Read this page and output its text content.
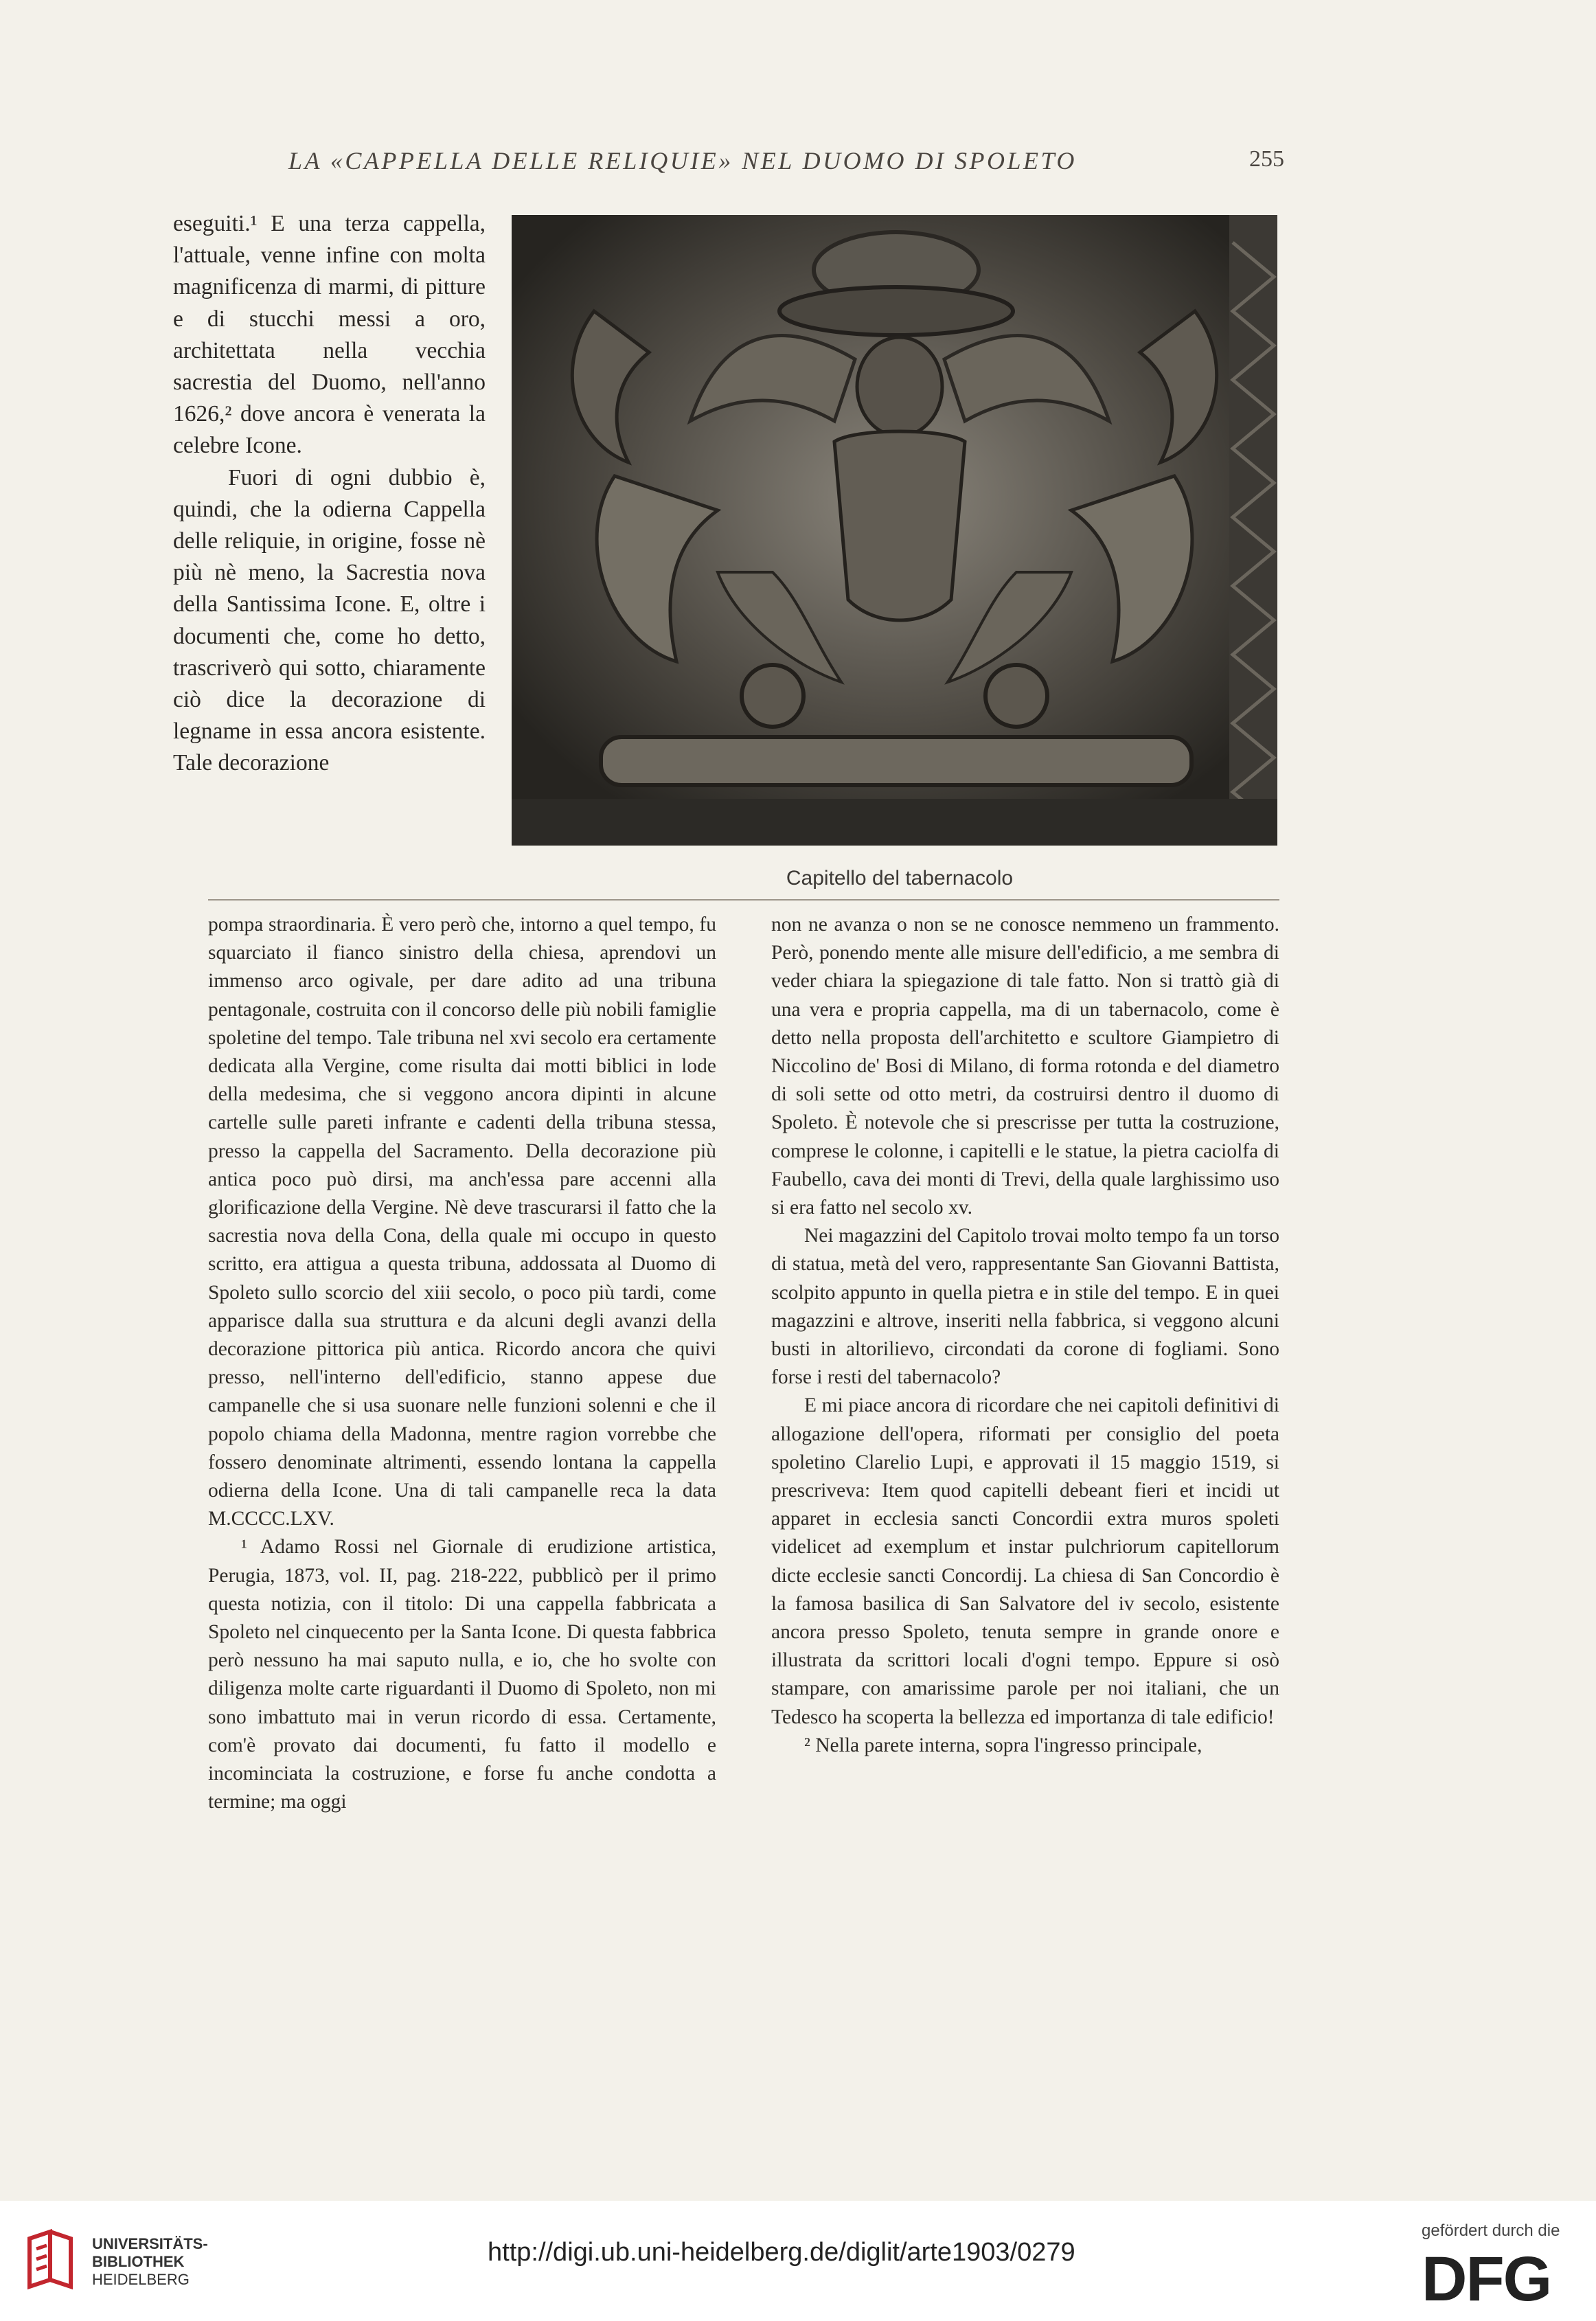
LA «CAPPELLA DELLE RELIQUIE» NEL DUOMO DI SPOLETO	255

eseguiti.¹ E una terza cappella, l'attuale, venne infine con molta magnificenza di marmi, di pitture e di stucchi messi a oro, architettata nella vecchia sacrestia del Duomo, nell'anno 1626,² dove ancora è venerata la celebre Icone.

Fuori di ogni dubbio è, quindi, che la odierna Cappella delle reliquie, in origine, fosse nè più nè meno, la Sacrestia nova della Santissima Icone. E, oltre i documenti che, come ho detto, trascriverò qui sotto, chiaramente ciò dice la decorazione di legname in essa ancora esistente. Tale decorazione

Capitello del tabernacolo

pompa straordinaria. È vero però che, intorno a quel tempo, fu squarciato il fianco sinistro della chiesa, aprendovi un immenso arco ogivale, per dare adito ad una tribuna pentagonale, costruita con il concorso delle più nobili famiglie spoletine del tempo. Tale tribuna nel xvi secolo era certamente dedicata alla Vergine, come risulta dai motti biblici in lode della medesima, che si veggono ancora dipinti in alcune cartelle sulle pareti infrante e cadenti della tribuna stessa, presso la cappella del Sacramento. Della decorazione più antica poco può dirsi, ma anch'essa pare accenni alla glorificazione della Vergine. Nè deve trascurarsi il fatto che la sacrestia nova della Cona, della quale mi occupo in questo scritto, era attigua a questa tribuna, addossata al Duomo di Spoleto sullo scorcio del xiii secolo, o poco più tardi, come apparisce dalla sua struttura e da alcuni degli avanzi della decorazione pittorica più antica. Ricordo ancora che quivi presso, nell'interno dell'edificio, stanno appese due campanelle che si usa suonare nelle funzioni solenni e che il popolo chiama della Madonna, mentre ragion vorrebbe che fossero denominate altrimenti, essendo lontana la cappella odierna della Icone. Una di tali campanelle reca la data M.CCCC.LXV.

¹ Adamo Rossi nel Giornale di erudizione artistica, Perugia, 1873, vol. II, pag. 218-222, pubblicò per il primo questa notizia, con il titolo: Di una cappella fabbricata a Spoleto nel cinquecento per la Santa Icone. Di questa fabbrica però nessuno ha mai saputo nulla, e io, che ho svolte con diligenza molte carte riguardanti il Duomo di Spoleto, non mi sono imbattuto mai in verun ricordo di essa. Certamente, com'è provato dai documenti, fu fatto il modello e incominciata la costruzione, e forse fu anche condotta a termine; ma oggi

non ne avanza o non se ne conosce nemmeno un frammento. Però, ponendo mente alle misure dell'edificio, a me sembra di veder chiara la spiegazione di tale fatto. Non si trattò già di una vera e propria cappella, ma di un tabernacolo, come è detto nella proposta dell'architetto e scultore Giampietro di Niccolino de' Bosi di Milano, di forma rotonda e del diametro di soli sette od otto metri, da costruirsi dentro il duomo di Spoleto. È notevole che si prescrisse per tutta la costruzione, comprese le colonne, i capitelli e le statue, la pietra caciolfa di Faubello, cava dei monti di Trevi, della quale larghissimo uso si era fatto nel secolo xv.

Nei magazzini del Capitolo trovai molto tempo fa un torso di statua, metà del vero, rappresentante San Giovanni Battista, scolpito appunto in quella pietra e in stile del tempo. E in quei magazzini e altrove, inseriti nella fabbrica, si veggono alcuni busti in altorilievo, circondati da corone di fogliami. Sono forse i resti del tabernacolo?

E mi piace ancora di ricordare che nei capitoli definitivi di allogazione dell'opera, riformati per consiglio del poeta spoletino Clarelio Lupi, e approvati il 15 maggio 1519, si prescriveva: Item quod capitelli debeant fieri et incidi ut apparet in ecclesia sancti Concordii extra muros spoleti videlicet ad exemplum et instar pulchriorum capitellorum dicte ecclesie sancti Concordij. La chiesa di San Concordio è la famosa basilica di San Salvatore del iv secolo, esistente ancora presso Spoleto, tenuta sempre in grande onore e illustrata da scrittori locali d'ogni tempo. Eppure si osò stampare, con amarissime parole per noi italiani, che un Tedesco ha scoperta la bellezza ed importanza di tale edificio!

² Nella parete interna, sopra l'ingresso principale,

UNIVERSITÄTS-
BIBLIOTHEK
HEIDELBERG
http://digi.ub.uni-heidelberg.de/diglit/arte1903/0279
gefördert durch die
DFG
